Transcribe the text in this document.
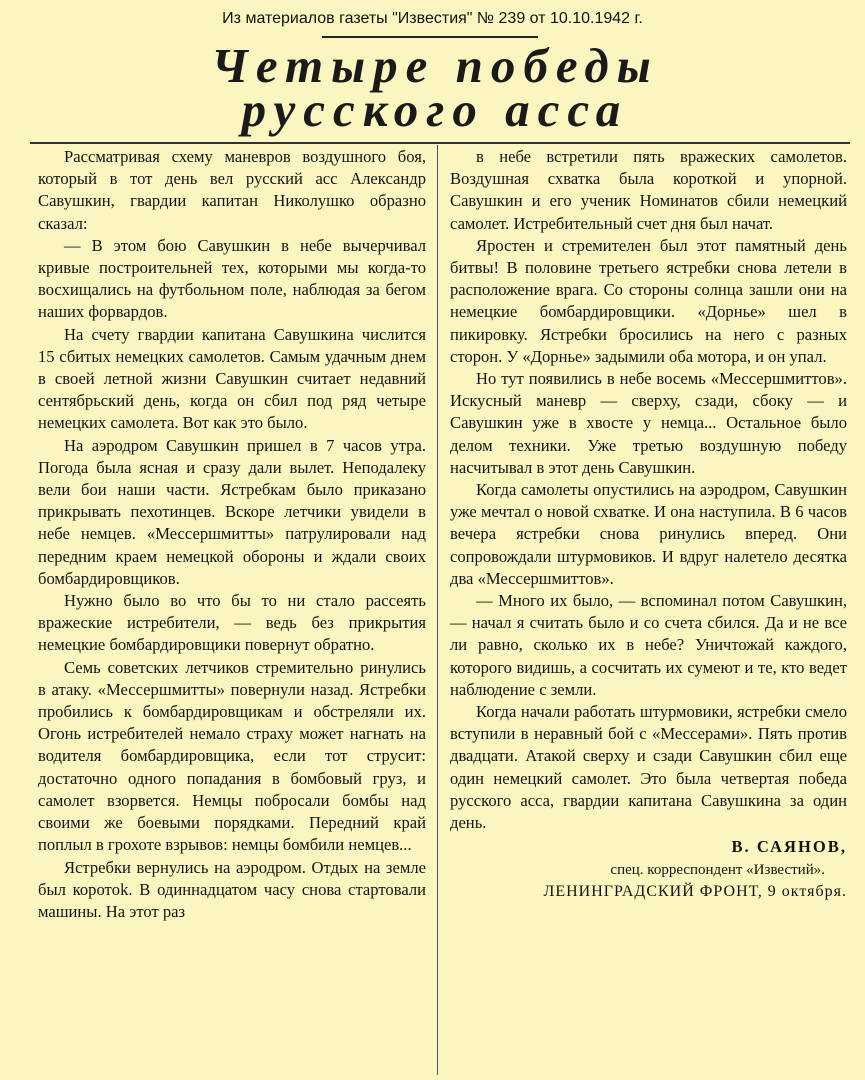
Из материалов газеты "Известия" № 239 от 10.10.1942 г.
Четыре победы
русского асса

Рассматривая схему маневров воздушного боя, который в тот день вел русский асс Александр Савушкин, гвардии капитан Николушко образно сказал:

— В этом бою Савушкин в небе вычерчивал кривые построительней тех, которыми мы когда-то восхищались на футбольном поле, наблюдая за бегом наших форвардов.

На счету гвардии капитана Савушкина числится 15 сбитых немецких самолетов. Самым удачным днем в своей летной жизни Савушкин считает недавний сентябрьский день, когда он сбил под ряд четыре немецких самолета. Вот как это было.

На аэродром Савушкин пришел в 7 часов утра. Погода была ясная и сразу дали вылет. Неподалеку вели бои наши части. Ястребкам было приказано прикрывать пехотинцев. Вскоре летчики увидели в небе немцев. «Мессершмитты» патрулировали над передним краем немецкой обороны и ждали своих бомбардировщиков.

Нужно было во что бы то ни стало рассеять вражеские истребители, — ведь без прикрытия немецкие бомбардировщики повернут обратно.

Семь советских летчиков стремительно ринулись в атаку. «Мессершмитты» повернули назад. Ястребки пробились к бомбардировщикам и обстреляли их. Огонь истребителей немало страху может нагнать на водителя бомбардировщика, если тот струсит: достаточно одного попадания в бомбовый груз, и самолет взорвется. Немцы побросали бомбы над своими же боевыми порядками. Передний край поплыл в грохоте взрывов: немцы бомбили немцев...

Ястребки вернулись на аэродром. Отдых на земле был коротok. В одиннадцатом часу снова стартовали машины. На этот раз

в небе встретили пять вражеских самолетов. Воздушная схватка была короткой и упорной. Савушкин и его ученик Номинатов сбили немецкий самолет. Истребительный счет дня был начат.

Яростен и стремителен был этот памятный день битвы! В половине третьего ястребки снова летели в расположение врага. Со стороны солнца зашли они на немецкие бомбардировщики. «Дорнье» шел в пикировку. Ястребки бросились на него с разных сторон. У «Дорнье» задымили оба мотора, и он упал.

Но тут появились в небе восемь «Мессершмиттов». Искусный маневр — сверху, сзади, сбоку — и Савушкин уже в хвосте у немца... Остальное было делом техники. Уже третью воздушную победу насчитывал в этот день Савушкин.

Когда самолеты опустились на аэродром, Савушкин уже мечтал о новой схватке. И она наступила. В 6 часов вечера ястребки снова ринулись вперед. Они сопровождали штурмовиков. И вдруг налетело десятка два «Мессершмиттов».

— Много их было, — вспоминал потом Савушкин, — начал я считать было и со счета сбился. Да и не все ли равно, сколько их в небе? Уничтожай каждого, которого видишь, а сосчитать их сумеют и те, кто ведет наблюдение с земли.

Когда начали работать штурмовики, ястребки смело вступили в неравный бой с «Мессерами». Пять против двадцати. Атакой сверху и сзади Савушкин сбил еще один немецкий самолет. Это была четвертая победа русского асса, гвардии капитана Савушкина за один день.

В. САЯНОВ,
спец. корреспондент «Известий».
ЛЕНИНГРАДСКИЙ ФРОНТ, 9 октября.
